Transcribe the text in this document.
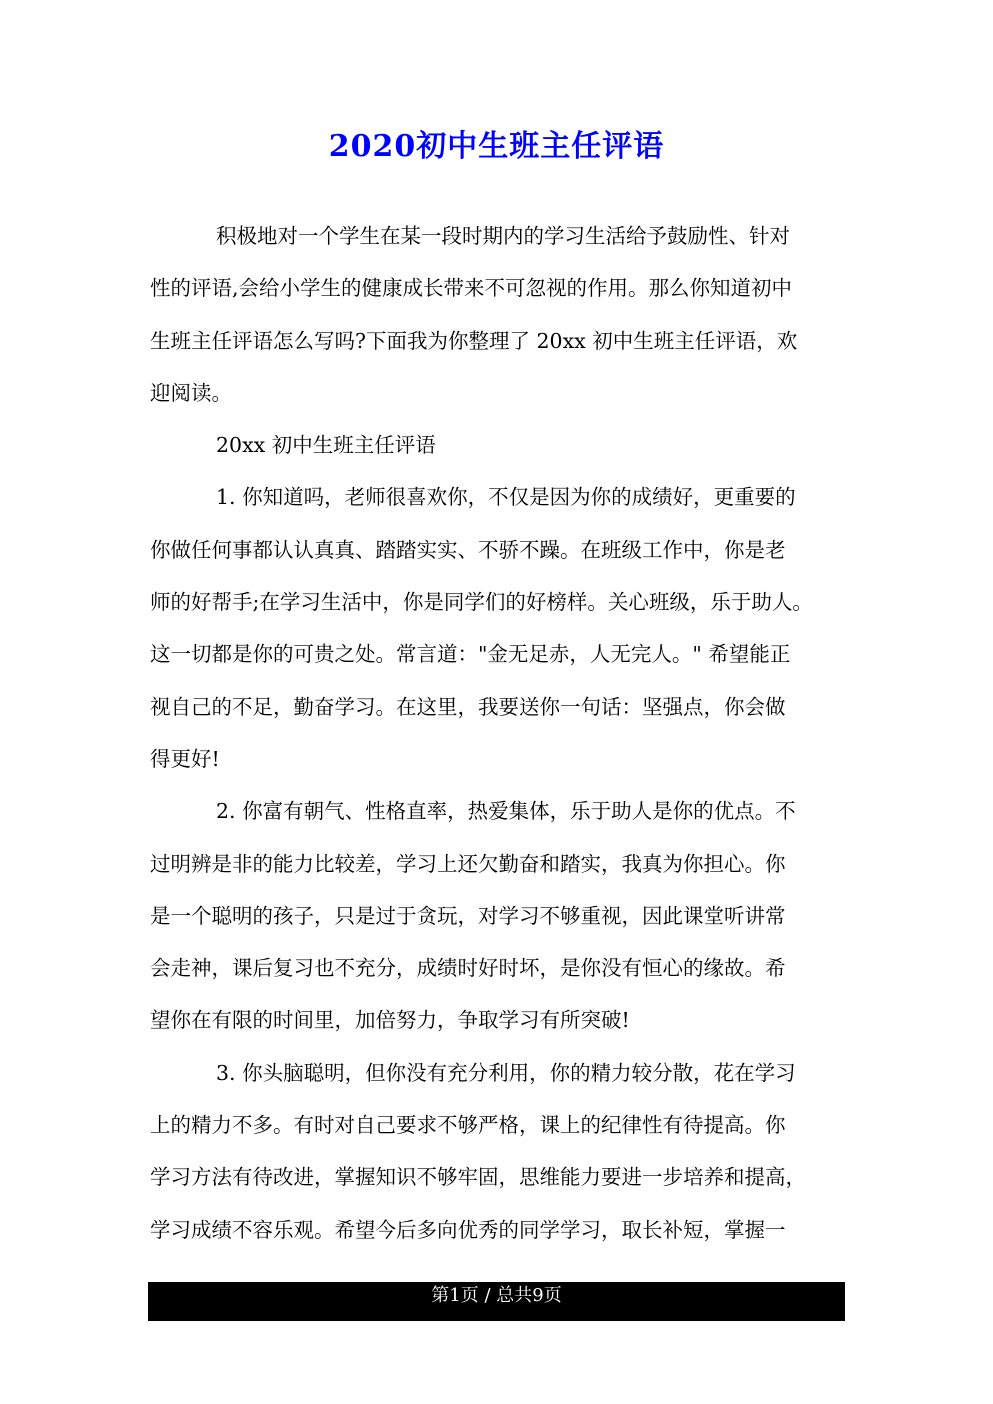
2020初中生班主任评语
积极地对一个学生在某一段时期内的学习生活给予鼓励性、针对
性的评语,会给小学生的健康成长带来不可忽视的作用。那么你知道初中
生班主任评语怎么写吗?下面我为你整理了 20xx 初中生班主任评语，欢
迎阅读。
20xx 初中生班主任评语
1. 你知道吗，老师很喜欢你，不仅是因为你的成绩好，更重要的
你做任何事都认认真真、踏踏实实、不骄不躁。在班级工作中，你是老
师的好帮手;在学习生活中，你是同学们的好榜样。关心班级，乐于助人。
这一切都是你的可贵之处。常言道："金无足赤，人无完人。" 希望能正
视自己的不足，勤奋学习。在这里，我要送你一句话：坚强点，你会做
得更好!
2. 你富有朝气、性格直率，热爱集体，乐于助人是你的优点。不
过明辨是非的能力比较差，学习上还欠勤奋和踏实，我真为你担心。你
是一个聪明的孩子，只是过于贪玩，对学习不够重视，因此课堂听讲常
会走神，课后复习也不充分，成绩时好时坏，是你没有恒心的缘故。希
望你在有限的时间里，加倍努力，争取学习有所突破!
3. 你头脑聪明，但你没有充分利用，你的精力较分散，花在学习
上的精力不多。有时对自己要求不够严格，课上的纪律性有待提高。你
学习方法有待改进，掌握知识不够牢固，思维能力要进一步培养和提高，
学习成绩不容乐观。希望今后多向优秀的同学学习，取长补短，掌握一
第1页 / 总共9页
